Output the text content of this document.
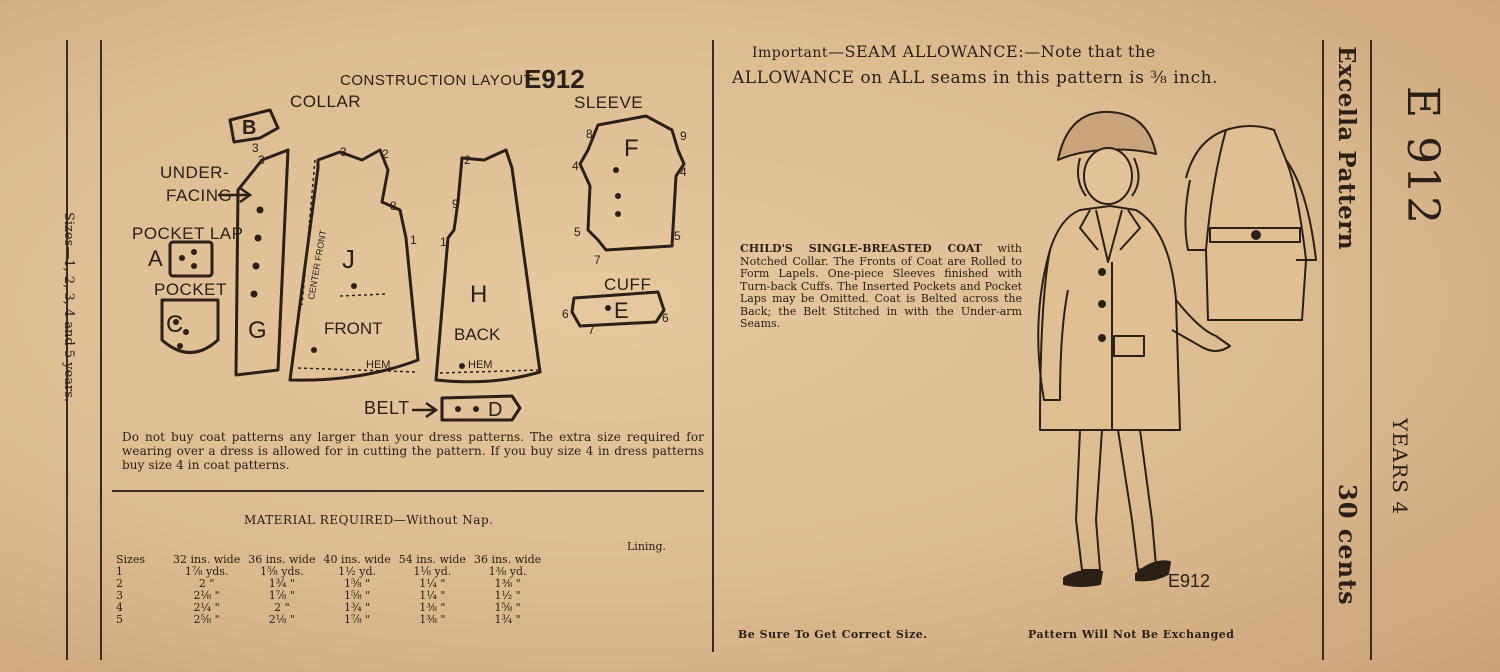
Sizes—1, 2, 3, 4 and 5 years.
CONSTRUCTION LAYOUT
E912
B
G
J
H
F
E
D
A
C	FRONT	BACK
HEM	HEM
CENTER FRONT
3
3
3	2
8
1
2
9
1
8	9
4	4
5	5
7
6	6
7
COLLAR
UNDER-
FACING
POCKET LAP
POCKET
SLEEVE
CUFF
BELT
Do not buy coat patterns any larger than your dress patterns. The extra size required for wearing over a dress is allowed for in cutting the pattern. If you buy size 4 in dress patterns buy size 4 in coat patterns.
MATERIAL REQUIRED—Without Nap.
Lining.
Sizes	32 ins. wide	36 ins. wide	40 ins. wide	54 ins. wide	36 ins. wide
1	1⅞ yds.	1⅝ yds.	1½ yd.	1⅛ yd.	1⅜ yd.
2	2 "	1¾ "	1⅝ "	1¼ "	1⅜ "
3	2⅛ "	1⅞ "	1⅝ "	1¼ "	1½ "
4	2¼ "	2 "	1¾ "	1⅜ "	1⅝ "
5	2⅝ "	2⅛ "	1⅞ "	1⅜ "	1¾ "
Important—SEAM ALLOWANCE:—Note that the
ALLOWANCE on ALL seams in this pattern is ⅜ inch.
CHILD'S SINGLE-BREASTED COAT with Notched Collar. The Fronts of Coat are Rolled to Form Lapels. One-piece Sleeves finished with Turn-back Cuffs. The Inserted Pockets and Pocket Laps may be Omitted. Coat is Belted across the Back; the Belt Stitched in with the Under-arm Seams.
E912
Be Sure To Get Correct Size.	Pattern Will Not Be Exchanged
Excella Pattern E 912
YEARS 4
30 cents
